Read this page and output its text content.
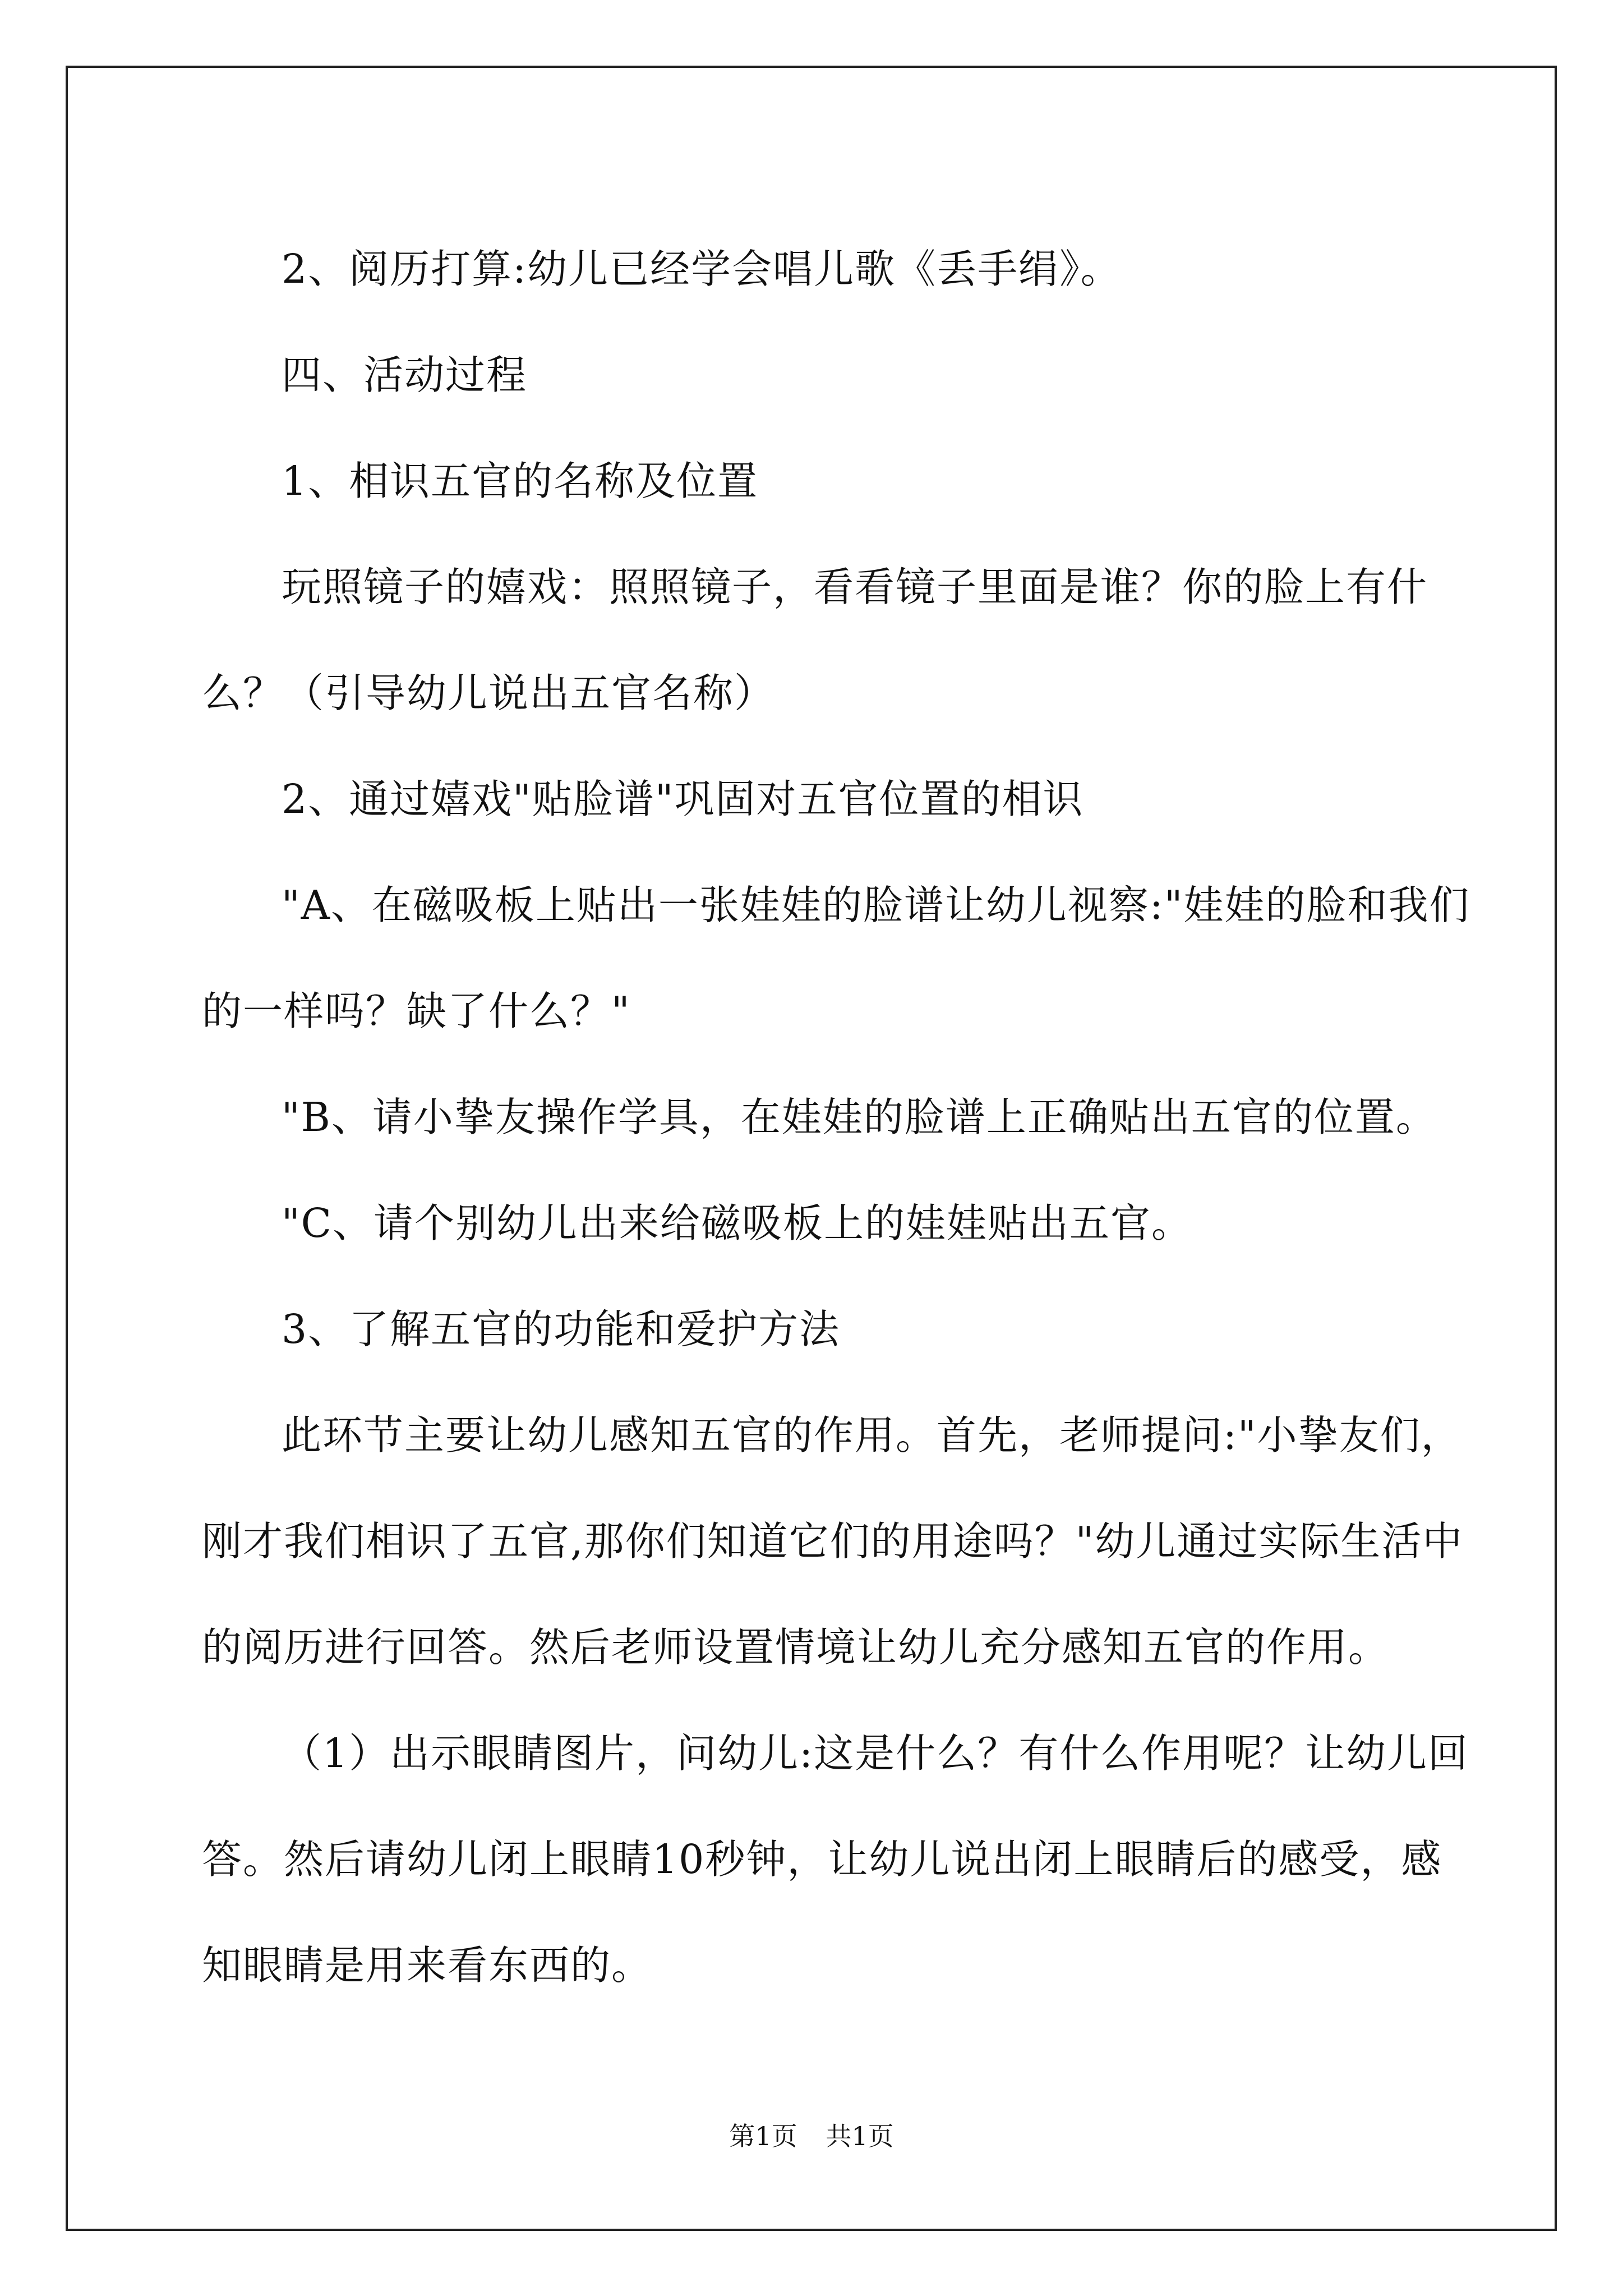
2、阅历打算:幼儿已经学会唱儿歌《丢手绢》。

四、活动过程

1、相识五官的名称及位置

玩照镜子的嬉戏：照照镜子，看看镜子里面是谁？你的脸上有什么？（引导幼儿说出五官名称）

2、通过嬉戏"贴脸谱"巩固对五官位置的相识

"A、在磁吸板上贴出一张娃娃的脸谱让幼儿视察:"娃娃的脸和我们的一样吗？缺了什么？"

"B、请小挚友操作学具，在娃娃的脸谱上正确贴出五官的位置。

"C、请个别幼儿出来给磁吸板上的娃娃贴出五官。

3、了解五官的功能和爱护方法

此环节主要让幼儿感知五官的作用。首先，老师提问:"小挚友们，刚才我们相识了五官,那你们知道它们的用途吗？"幼儿通过实际生活中的阅历进行回答。然后老师设置情境让幼儿充分感知五官的作用。

（1）出示眼睛图片，问幼儿:这是什么？有什么作用呢？让幼儿回答。然后请幼儿闭上眼睛10秒钟，让幼儿说出闭上眼睛后的感受，感知眼睛是用来看东西的。

第1页 共1页
